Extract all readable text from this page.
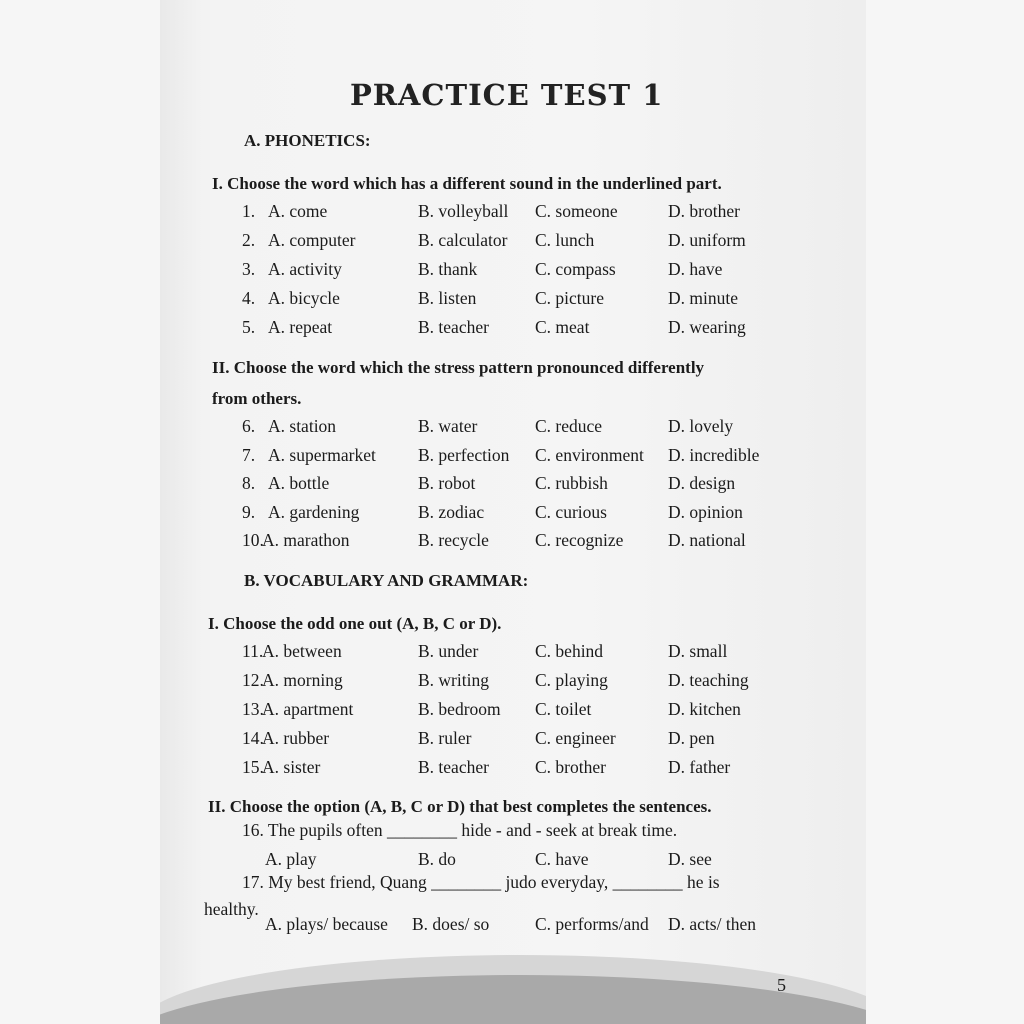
PRACTICE TEST 1
A. PHONETICS:
I. Choose the word which has a different sound in the underlined part.
1. A. come	B. volleyball C. someone	D. brother
2. A. computer	B. calculator C. lunch	D. uniform
3. A. activity	B. thank	C. compass	D. have
4. A. bicycle	B. listen	C. picture	D. minute
5. A. repeat	B. teacher	C. meat	D. wearing
II. Choose the word which the stress pattern pronounced differently
from others.
6. A. station	B. water	C. reduce	D. lovely
7. A. supermarket B. perfection C. environment D. incredible
8. A. bottle	B. robot	C. rubbish	D. design
9. A. gardening	B. zodiac	C. curious	D. opinion
10.
A. marathon	B. recycle	C. recognize	D. national
B. VOCABULARY AND GRAMMAR:
I. Choose the odd one out (A, B, C or D).
11.
A. between	B. under	C. behind	D. small
12.
A. morning	B. writing	C. playing	D. teaching
13.
A. apartment	B. bedroom C. toilet	D. kitchen
14.
A. rubber	B. ruler	C. engineer	D. pen
15.
A. sister	B. teacher	C. brother	D. father
II. Choose the option (A, B, C or D) that best completes the sentences.
16. The pupils often ________ hide - and - seek at break time.
A. play	B. do	C. have	D. see
17. My best friend, Quang ________ judo everyday, ________ he is
healthy.
A. plays/ because B. does/ so	C. performs/and D. acts/ then
5
